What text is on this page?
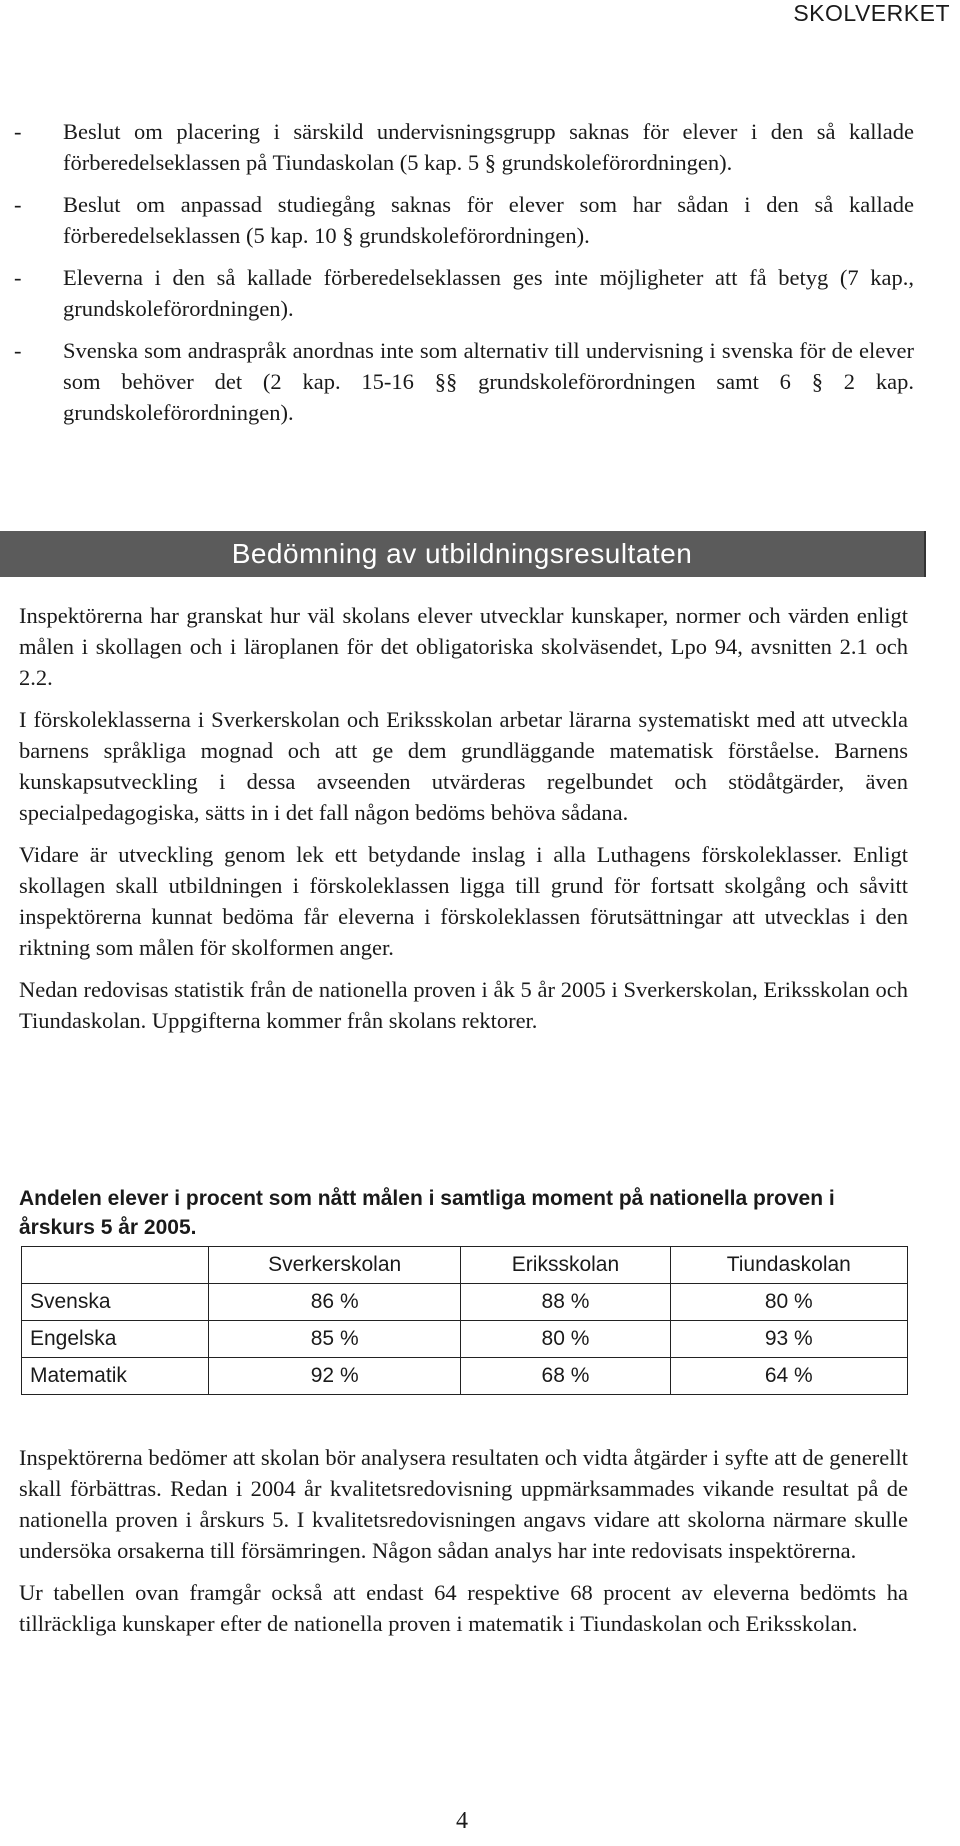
SKOLVERKET
- Beslut om placering i särskild undervisningsgrupp saknas för elever i den så kallade förberedelseklassen på Tiundaskolan (5 kap. 5 § grundskoleförordningen).
- Beslut om anpassad studiegång saknas för elever som har sådan i den så kallade förberedelseklassen (5 kap. 10 § grundskoleförordningen).
- Eleverna i den så kallade förberedelseklassen ges inte möjligheter att få betyg (7 kap., grundskoleförordningen).
- Svenska som andraspråk anordnas inte som alternativ till undervisning i svenska för de elever som behöver det (2 kap. 15-16 §§ grundskoleförordningen samt 6 § 2 kap. grundskoleförordningen).
Bedömning av utbildningsresultaten

Inspektörerna har granskat hur väl skolans elever utvecklar kunskaper, normer och värden enligt målen i skollagen och i läroplanen för det obligatoriska skolväsendet, Lpo 94, avsnitten 2.1 och 2.2.

I förskoleklasserna i Sverkerskolan och Eriksskolan arbetar lärarna systematiskt med att utveckla barnens språkliga mognad och att ge dem grundläggande matematisk förståelse. Barnens kunskapsutveckling i dessa avseenden utvärderas regelbundet och stödåtgärder, även specialpedagogiska, sätts in i det fall någon bedöms behöva sådana.

Vidare är utveckling genom lek ett betydande inslag i alla Luthagens förskoleklasser. Enligt skollagen skall utbildningen i förskoleklassen ligga till grund för fortsatt skolgång och såvitt inspektörerna kunnat bedöma får eleverna i förskoleklassen förutsättningar att utvecklas i den riktning som målen för skolformen anger.

Nedan redovisas statistik från de nationella proven i åk 5 år 2005 i Sverkerskolan, Eriksskolan och Tiundaskolan. Uppgifterna kommer från skolans rektorer.

Andelen elever i procent som nått målen i samtliga moment på nationella proven i årskurs 5 år 2005.
	Sverkerskolan	Eriksskolan	Tiundaskolan
Svenska	86 %	88 %	80 %
Engelska	85 %	80 %	93 %
Matematik	92 %	68 %	64 %

Inspektörerna bedömer att skolan bör analysera resultaten och vidta åtgärder i syfte att de generellt skall förbättras. Redan i 2004 år kvalitetsredovisning uppmärksammades vikande resultat på de nationella proven i årskurs 5. I kvalitetsredovisningen angavs vidare att skolorna närmare skulle undersöka orsakerna till försämringen. Någon sådan analys har inte redovisats inspektörerna.

Ur tabellen ovan framgår också att endast 64 respektive 68 procent av eleverna bedömts ha tillräckliga kunskaper efter de nationella proven i matematik i Tiundaskolan och Eriksskolan.

4
